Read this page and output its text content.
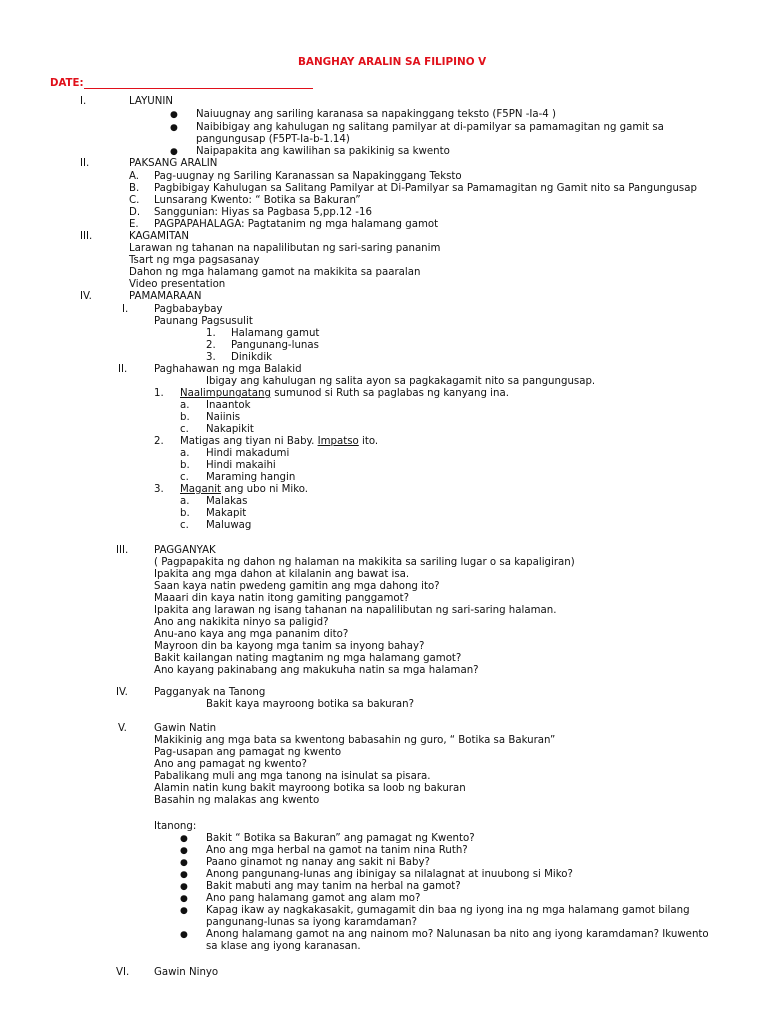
BANGHAY ARALIN SA FILIPINO V
DATE:
I.	LAYUNIN
● Naiuugnay ang sariling karanasa sa napakinggang teksto (F5PN -Ia-4 )
● Naibibigay ang kahulugan ng salitang pamilyar at di-pamilyar sa pamamagitan ng gamit sa
pangungusap (F5PT-Ia-b-1.14)
● Naipapakita ang kawilihan sa pakikinig sa kwento
II.	PAKSANG ARALIN
A. Pag-uugnay ng Sariling Karanassan sa Napakinggang Teksto
B. Pagbibigay Kahulugan sa Salitang Pamilyar at Di-Pamilyar sa Pamamagitan ng Gamit nito sa Pangungusap
C. Lunsarang Kwento: “ Botika sa Bakuran”
D. Sanggunian: Hiyas sa Pagbasa 5,pp.12 -16
E. PAGPAPAHALAGA: Pagtatanim ng mga halamang gamot
III.	KAGAMITAN
Larawan ng tahanan na napalilibutan ng sari-saring pananim
Tsart ng mga pagsasanay
Dahon ng mga halamang gamot na makikita sa paaralan
Video presentation
IV.	PAMAMARAAN
I.	Pagbabaybay
Paunang Pagsusulit
1. Halamang gamut
2. Pangunang-lunas
3. Dinikdik
II.	Paghahawan ng mga Balakid
Ibigay ang kahulugan ng salita ayon sa pagkakagamit nito sa pangungusap.
1. Naalimpungatang sumunod si Ruth sa paglabas ng kanyang ina.
a. Inaantok
b. Naiinis
c. Nakapikit
2. Matigas ang tiyan ni Baby. Impatso ito.
a. Hindi makadumi
b. Hindi makaihi
c. Maraming hangin
3. Maganit ang ubo ni Miko.
a. Malakas
b. Makapit
c. Maluwag
III.	PAGGANYAK
( Pagpapakita ng dahon ng halaman na makikita sa sariling lugar o sa kapaligiran)
Ipakita ang mga dahon at kilalanin ang bawat isa.
Saan kaya natin pwedeng gamitin ang mga dahong ito?
Maaari din kaya natin itong gamiting panggamot?
Ipakita ang larawan ng isang tahanan na napalilibutan ng sari-saring halaman.
Ano ang nakikita ninyo sa paligid?
Anu-ano kaya ang mga pananim dito?
Mayroon din ba kayong mga tanim sa inyong bahay?
Bakit kailangan nating magtanim ng mga halamang gamot?
Ano kayang pakinabang ang makukuha natin sa mga halaman?
IV.	Pagganyak na Tanong
Bakit kaya mayroong botika sa bakuran?
V.	Gawin Natin
Makikinig ang mga bata sa kwentong babasahin ng guro, “ Botika sa Bakuran”
Pag-usapan ang pamagat ng kwento
Ano ang pamagat ng kwento?
Pabalikang muli ang mga tanong na isinulat sa pisara.
Alamin natin kung bakit mayroong botika sa loob ng bakuran
Basahin ng malakas ang kwento
Itanong:
● Bakit “ Botika sa Bakuran” ang pamagat ng Kwento?
● Ano ang mga herbal na gamot na tanim nina Ruth?
● Paano ginamot ng nanay ang sakit ni Baby?
● Anong pangunang-lunas ang ibinigay sa nilalagnat at inuubong si Miko?
● Bakit mabuti ang may tanim na herbal na gamot?
● Ano pang halamang gamot ang alam mo?
● Kapag ikaw ay nagkakasakit, gumagamit din baa ng iyong ina ng mga halamang gamot bilang
pangunang-lunas sa iyong karamdaman?
● Anong halamang gamot na ang nainom mo? Nalunasan ba nito ang iyong karamdaman? Ikuwento
sa klase ang iyong karanasan.
VI. Gawin Ninyo
